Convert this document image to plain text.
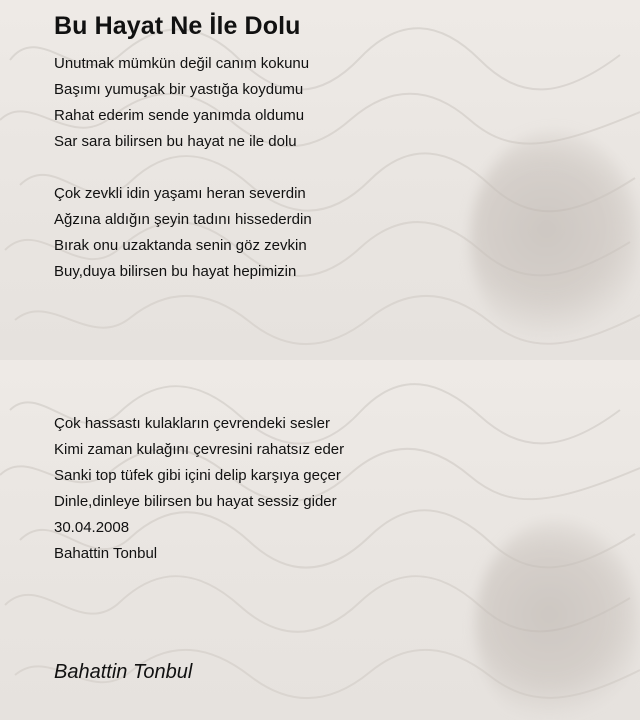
Bu Hayat Ne İle Dolu
Unutmak mümkün değil canım kokunu
Başımı yumuşak bir yastığa koydumu
Rahat ederim sende yanımda oldumu
Sar sara bilirsen bu hayat ne ile dolu
Çok zevkli idin yaşamı heran severdin
Ağzına aldığın şeyin tadını hissederdin
Bırak onu uzaktanda senin göz zevkin
Buy,duya bilirsen bu hayat hepimizin
Çok hassastı kulakların çevrendeki sesler
Kimi zaman kulağını çevresini rahatsız eder
Sanki top tüfek gibi içini delip karşıya geçer
Dinle,dinleye bilirsen bu hayat sessiz gider
30.04.2008
Bahattin Tonbul
Bahattin Tonbul
